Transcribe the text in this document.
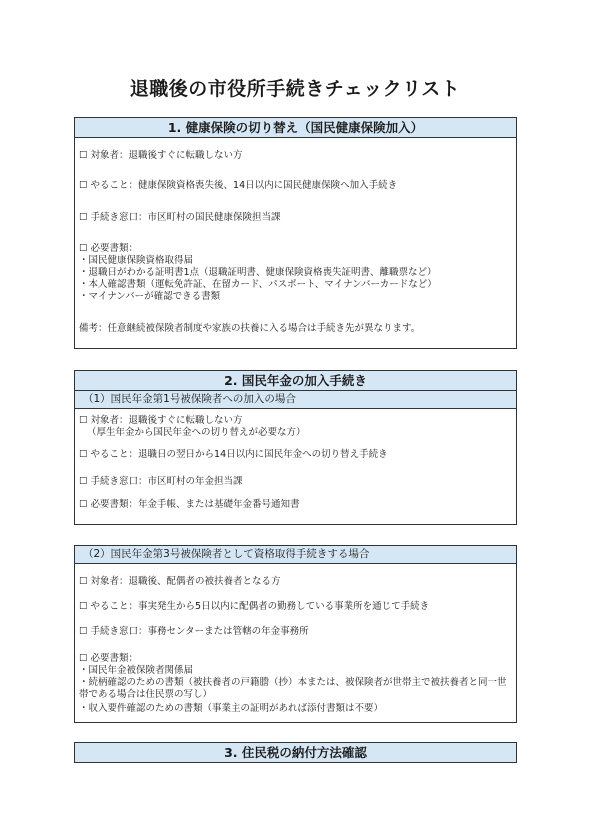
退職後の市役所手続きチェックリスト
1. 健康保険の切り替え（国民健康保険加入）
☐ 対象者：退職後すぐに転職しない方
☐ やること：健康保険資格喪失後、14日以内に国民健康保険へ加入手続き
☐ 手続き窓口：市区町村の国民健康保険担当課
☐ 必要書類：
・国民健康保険資格取得届
・退職日がわかる証明書1点（退職証明書、健康保険資格喪失証明書、離職票など）
・本人確認書類（運転免許証、在留カード、パスポート、マイナンバーカードなど）
・マイナンバーが確認できる書類
備考：任意継続被保険者制度や家族の扶養に入る場合は手続き先が異なります。
2. 国民年金の加入手続き
（1）国民年金第1号被保険者への加入の場合
☐ 対象者：退職後すぐに転職しない方
（厚生年金から国民年金への切り替えが必要な方）
☐ やること：退職日の翌日から14日以内に国民年金への切り替え手続き
☐ 手続き窓口：市区町村の年金担当課
☐ 必要書類：年金手帳、または基礎年金番号通知書
（2）国民年金第3号被保険者として資格取得手続きする場合
☐ 対象者：退職後、配偶者の被扶養者となる方
☐ やること：事実発生から5日以内に配偶者の勤務している事業所を通じて手続き
☐ 手続き窓口：事務センターまたは管轄の年金事務所
☐ 必要書類：
・国民年金被保険者関係届
・続柄確認のための書類（被扶養者の戸籍謄（抄）本または、被保険者が世帯主で被扶養者と同一世帯である場合は住民票の写し）
・収入要件確認のための書類（事業主の証明があれば添付書類は不要）
3. 住民税の納付方法確認
